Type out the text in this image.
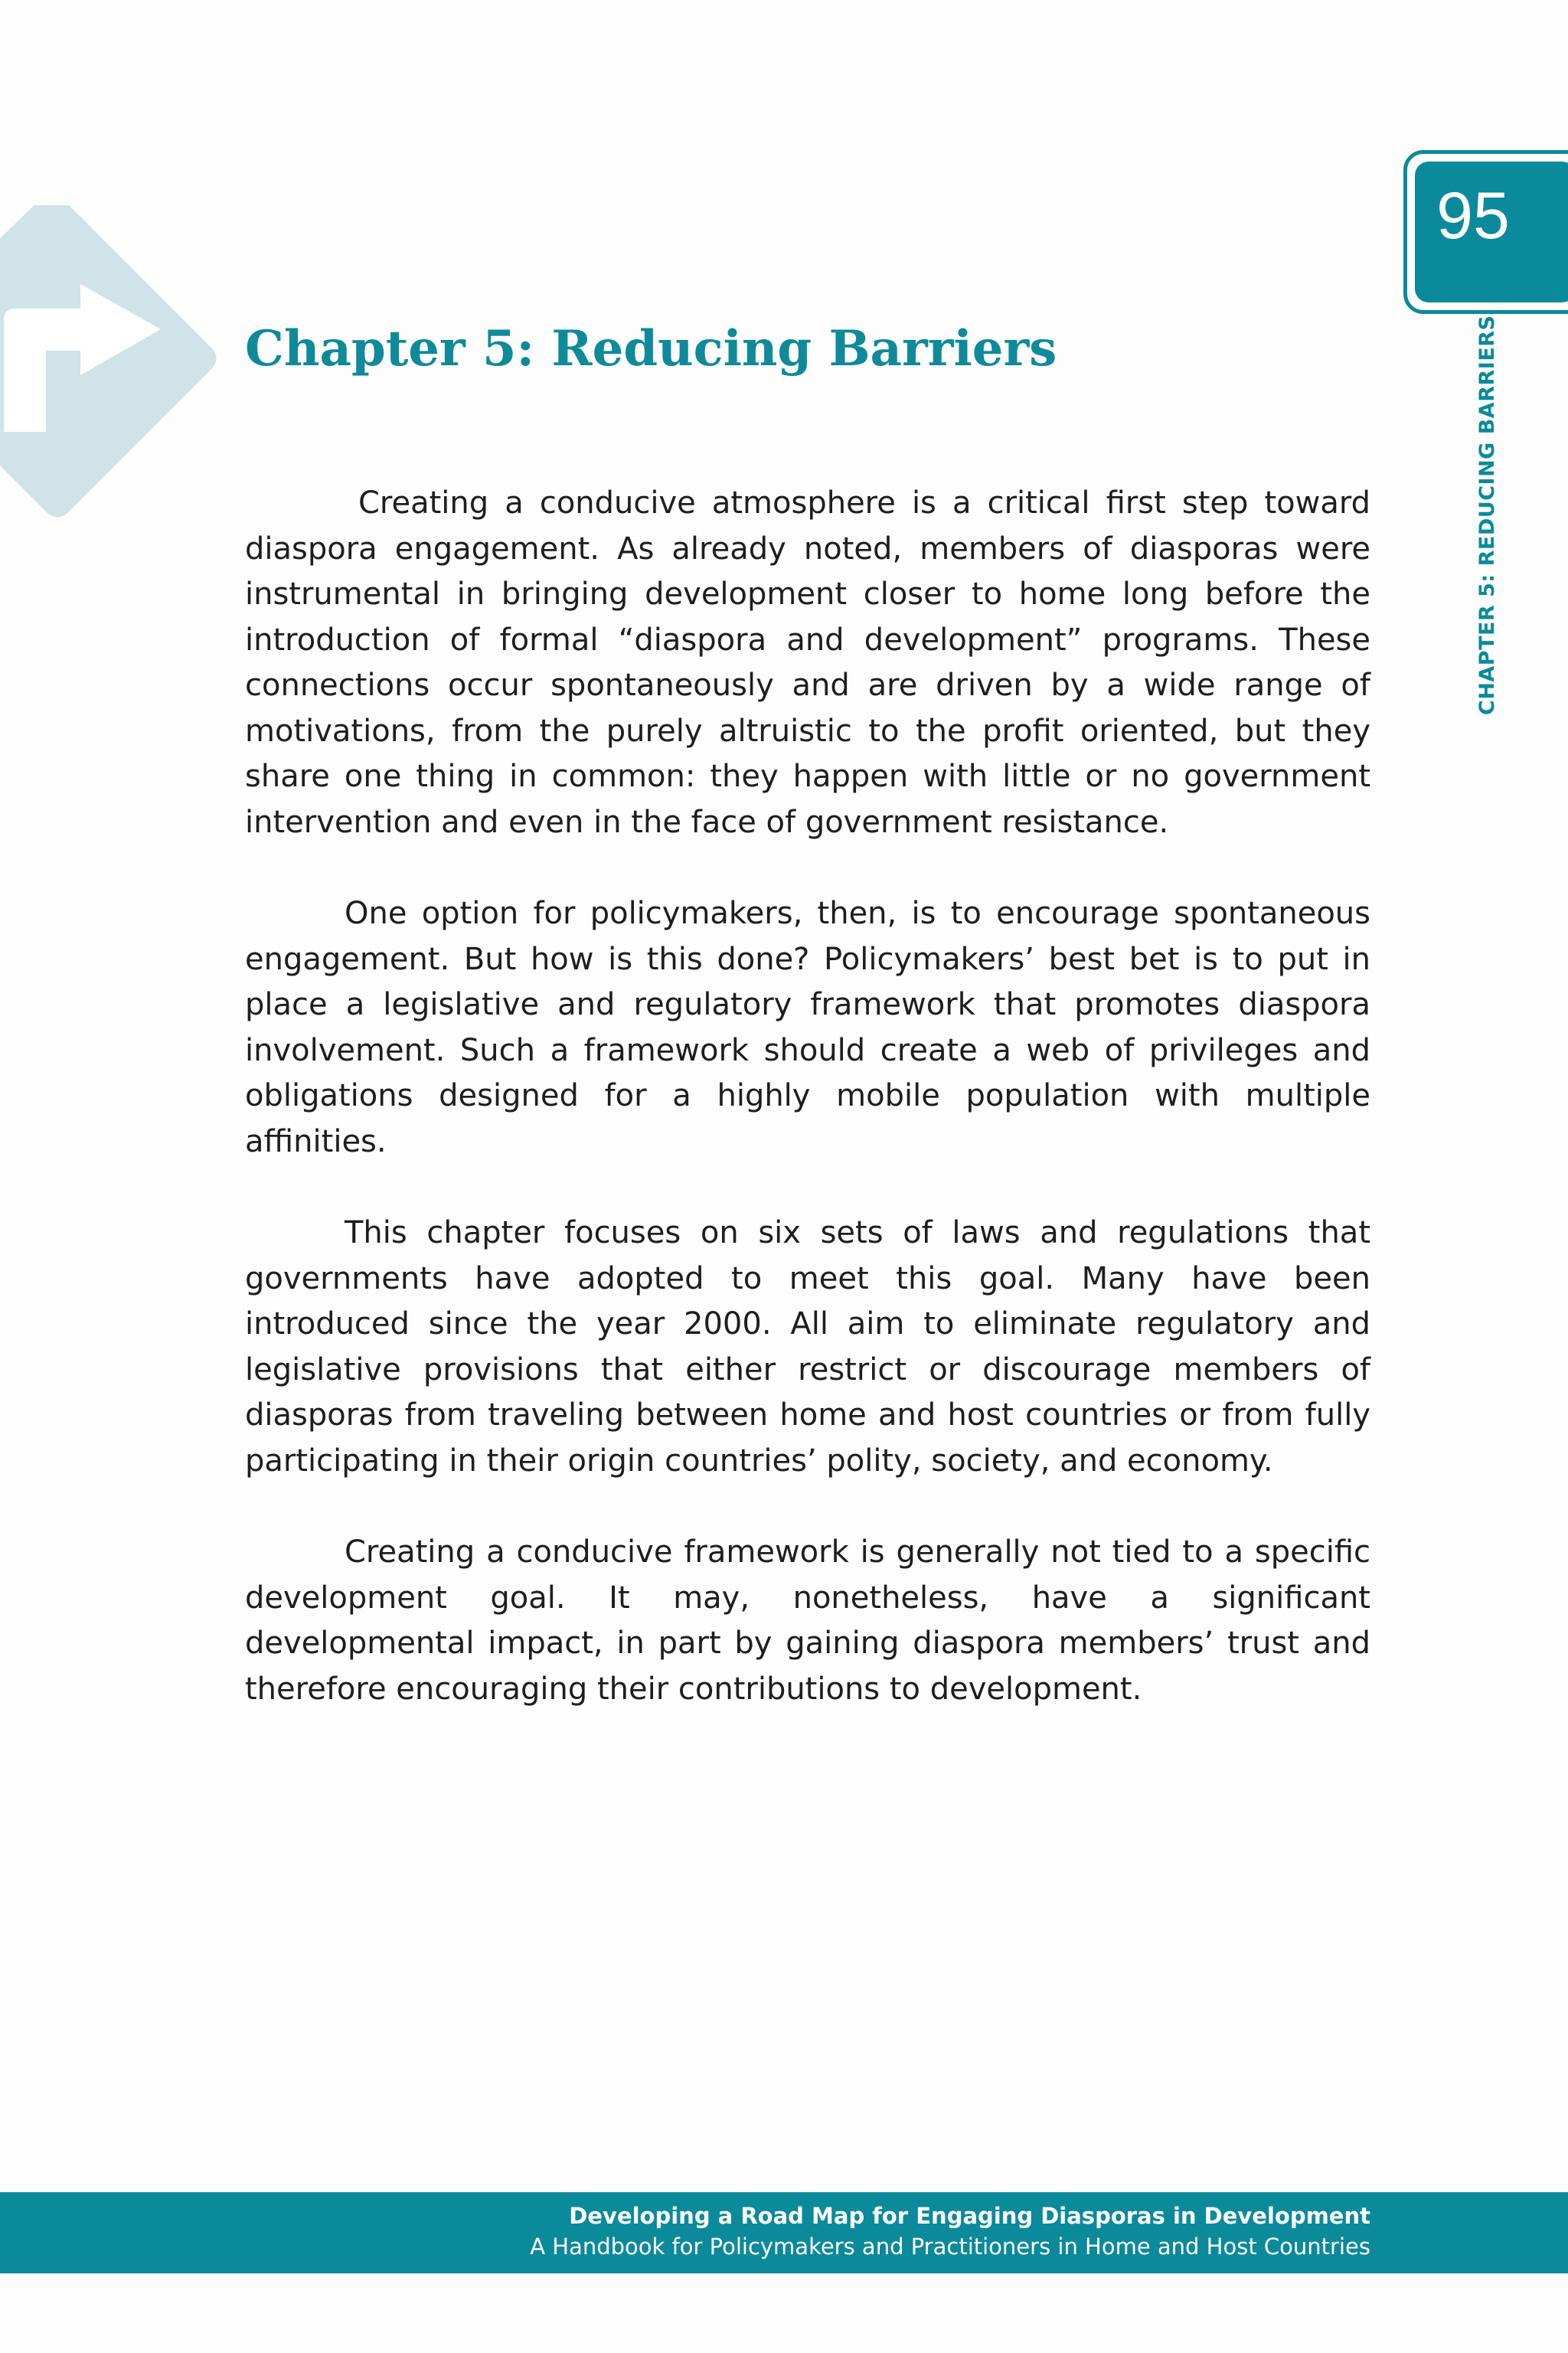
95
CHAPTER 5: REDUCING BARRIERS
Chapter 5: Reducing Barriers

Creating a conducive atmosphere is a critical first step toward diaspora engagement. As already noted, members of diasporas were instrumental in bringing development closer to home long before the introduction of formal “diaspora and development” programs. These connections occur spontaneously and are driven by a wide range of motivations, from the purely altruistic to the profit oriented, but they share one thing in common: they happen with little or no government intervention and even in the face of government resistance.

One option for policymakers, then, is to encourage spontaneous engagement. But how is this done? Policymakers’ best bet is to put in place a legislative and regulatory framework that promotes diaspora involvement. Such a framework should create a web of privileges and obligations designed for a highly mobile population with multiple affinities.

This chapter focuses on six sets of laws and regulations that governments have adopted to meet this goal. Many have been introduced since the year 2000. All aim to eliminate regulatory and legislative provisions that either restrict or discourage members of diasporas from traveling between home and host countries or from fully participating in their origin countries’ polity, society, and economy.

Creating a conducive framework is generally not tied to a specific development goal. It may, nonetheless, have a significant developmental impact, in part by gaining diaspora members’ trust and therefore encouraging their contributions to development.

Developing a Road Map for Engaging Diasporas in Development
A Handbook for Policymakers and Practitioners in Home and Host Countries
